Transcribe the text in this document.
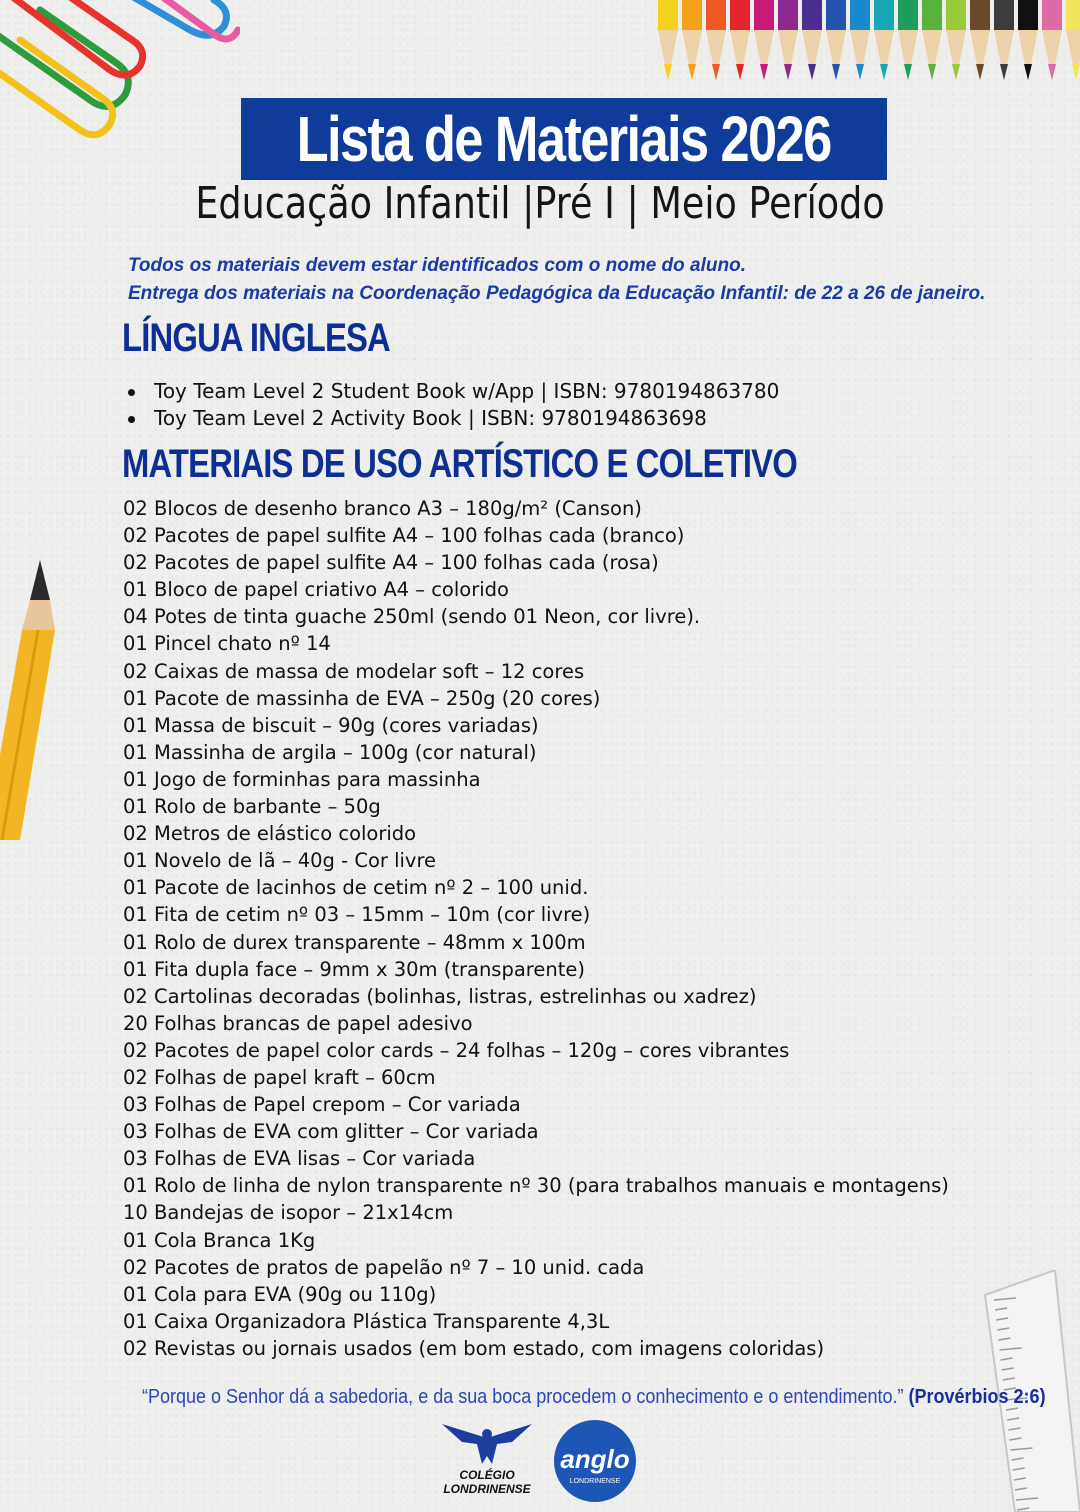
Lista de Materiais 2026
Educação Infantil |Pré I | Meio Período
Todos os materiais devem estar identificados com o nome do aluno.
Entrega dos materiais na Coordenação Pedagógica da Educação Infantil: de 22 a 26 de janeiro.
LÍNGUA INGLESA
Toy Team Level 2 Student Book w/App | ISBN: 9780194863780
Toy Team Level 2 Activity Book | ISBN: 9780194863698
MATERIAIS DE USO ARTÍSTICO E COLETIVO
02 Blocos de desenho branco A3 – 180g/m² (Canson)
02 Pacotes de papel sulfite A4 – 100 folhas cada (branco)
02 Pacotes de papel sulfite A4 – 100 folhas cada (rosa)
01 Bloco de papel criativo A4 – colorido
04 Potes de tinta guache 250ml (sendo 01 Neon, cor livre).
01 Pincel chato nº 14
02 Caixas de massa de modelar soft – 12 cores
01 Pacote de massinha de EVA – 250g (20 cores)
01 Massa de biscuit – 90g (cores variadas)
01 Massinha de argila – 100g (cor natural)
01 Jogo de forminhas para massinha
01 Rolo de barbante – 50g
02 Metros de elástico colorido
01 Novelo de lã – 40g - Cor livre
01 Pacote de lacinhos de cetim nº 2 – 100 unid.
01 Fita de cetim nº 03 – 15mm – 10m (cor livre)
01 Rolo de durex transparente – 48mm x 100m
01 Fita dupla face – 9mm x 30m (transparente)
02 Cartolinas decoradas (bolinhas, listras, estrelinhas ou xadrez)
20 Folhas brancas de papel adesivo
02 Pacotes de papel color cards – 24 folhas – 120g – cores vibrantes
02 Folhas de papel kraft – 60cm
03 Folhas de Papel crepom – Cor variada
03 Folhas de EVA com glitter – Cor variada
03 Folhas de EVA lisas – Cor variada
01 Rolo de linha de nylon transparente nº 30 (para trabalhos manuais e montagens)
10 Bandejas de isopor – 21x14cm
01 Cola Branca 1Kg
02 Pacotes de pratos de papelão nº 7 – 10 unid. cada
01 Cola para EVA (90g ou 110g)
01 Caixa Organizadora Plástica Transparente 4,3L
02 Revistas ou jornais usados (em bom estado, com imagens coloridas)
“Porque o Senhor dá a sabedoria, e da sua boca procedem o conhecimento e o entendimento.” (Provérbios 2:6)
COLÉGIO
LONDRINENSE
anglo
LONDRINENSE
